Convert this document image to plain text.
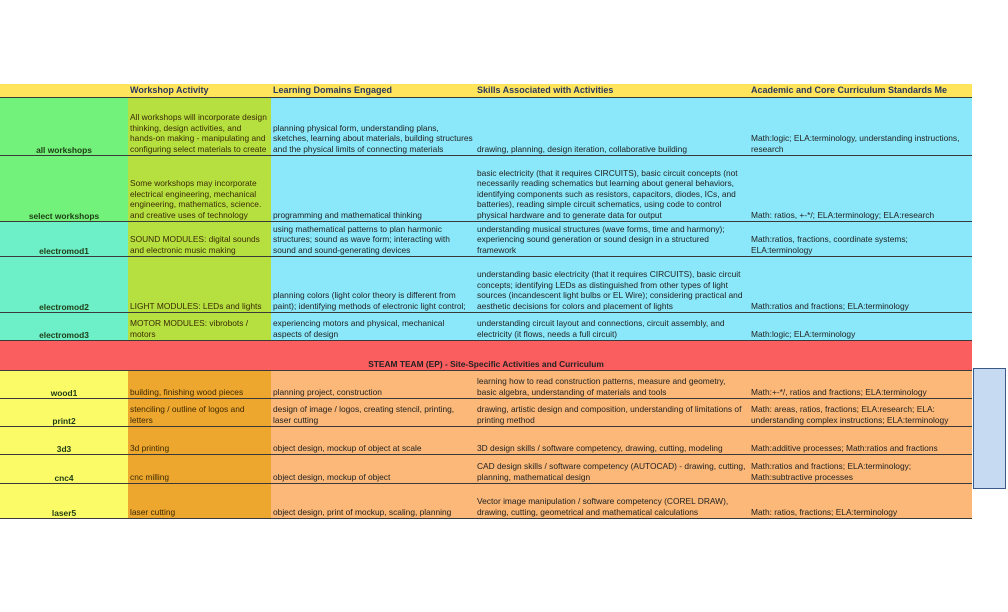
	Workshop Activity	Learning Domains Engaged	Skills Associated with Activities	Academic and Core Curriculum Standards Me
all workshops	All workshops will incorporate design thinking, design activities, and hands-on making - manipulating and configuring select materials to create	planning physical form, understanding plans, sketches, learning about materials, building structures and the physical limits of connecting materials	drawing, planning, design iteration, collaborative building	Math:logic; ELA:terminology, understanding instructions, research
select workshops	Some workshops may incorporate electrical engineering, mechanical engineering, mathematics, science. and creative uses of technology	programming and mathematical thinking	basic electricity (that it requires CIRCUITS), basic circuit concepts (not necessarily reading schematics but learning about general behaviors, identifying components such as resistors, capacitors, diodes, ICs, and batteries), reading simple circuit schematics, using code to control physical hardware and to generate data for output	Math: ratios, +-*/; ELA:terminology; ELA:research
electromod1	SOUND MODULES: digital sounds and electronic music making	using mathematical patterns to plan harmonic structures; sound as wave form; interacting with sound and sound-generating devices	understanding musical structures (wave forms, time and harmony); experiencing sound generation or sound design in a structured framework	Math:ratios, fractions, coordinate systems; ELA:terminology
electromod2	LIGHT MODULES: LEDs and lights	planning colors (light color theory is different from paint); identifying methods of electronic light control;	understanding basic electricity (that it requires CIRCUITS), basic circuit concepts; identifying LEDs as distinguished from other types of light sources (incandescent light bulbs or EL Wire); considering practical and aesthetic decisions for colors and placement of lights	Math:ratios and fractions; ELA:terminology
electromod3	MOTOR MODULES: vibrobots / motors	experiencing motors and physical, mechanical aspects of design	understanding circuit layout and connections, circuit assembly, and electricity (it flows, needs a full circuit)	Math:logic; ELA:terminology
STEAM TEAM (EP) - Site-Specific Activities and Curriculum				
wood1	building, finishing wood pieces	planning project, construction	learning how to read construction patterns, measure and geometry, basic algebra, understanding of materials and tools	Math:+-*/, ratios and fractions; ELA:terminology
print2	stenciling / outline of logos and letters	design of image / logos, creating stencil, printing, laser cutting	drawing, artistic design and composition, understanding of limitations of printing method	Math: areas, ratios, fractions; ELA:research; ELA: understanding complex instructions; ELA:terminology
3d3	3d printing	object design, mockup of object at scale	3D design skills / software competency, drawing, cutting, modeling	Math:additive processes; Math:ratios and fractions
cnc4	cnc milling	object design, mockup of object	CAD design skills / software competency (AUTOCAD) - drawing, cutting, planning, mathematical design	Math:ratios and fractions; ELA:terminology; Math:subtractive processes
laser5	laser cutting	object design, print of mockup, scaling, planning	Vector image manipulation / software competency (COREL DRAW), drawing, cutting, geometrical and mathematical calculations	Math: ratios, fractions; ELA:terminology
